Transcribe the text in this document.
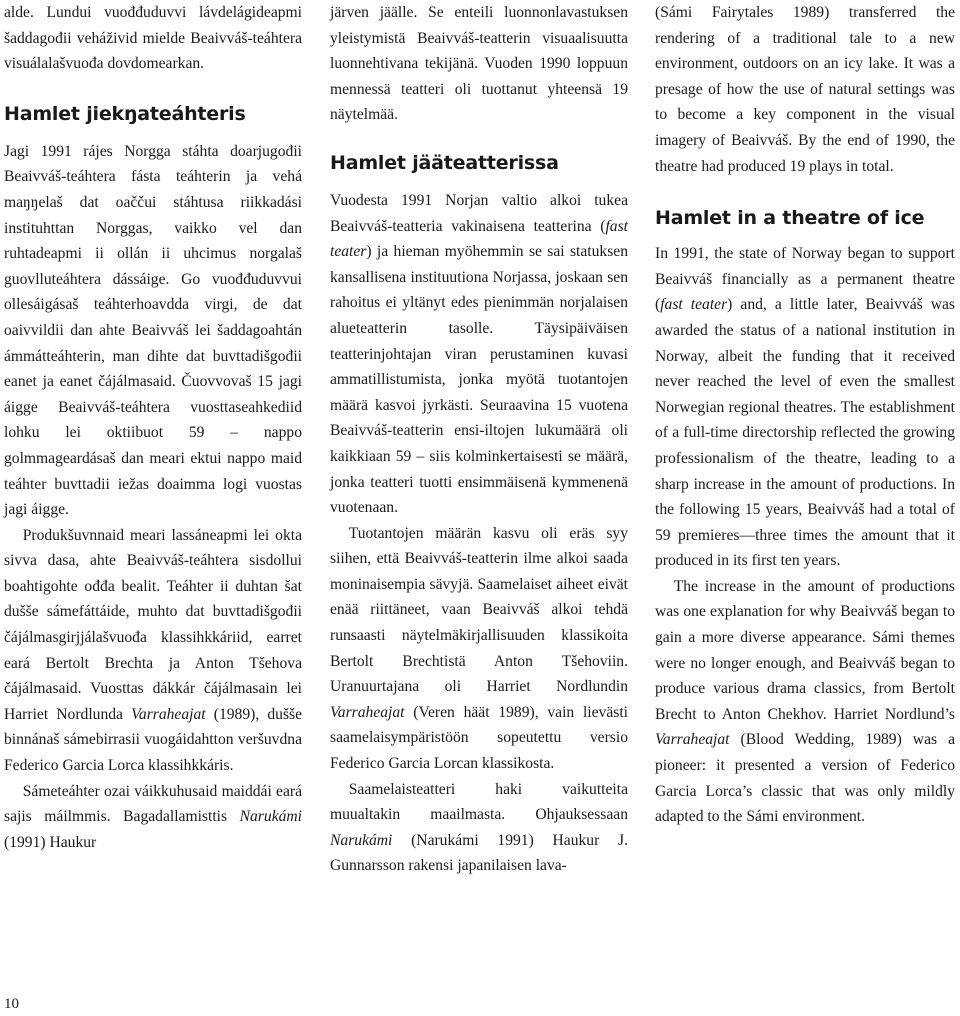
alde. Lundui vuođđuduvvi lávdelágideapmi šaddagođii veháživid mielde Beaivváš-teáhtera visuálalašvuođa dovdomearkan.

Hamlet jiekŋateáhteris

Jagi 1991 rájes Norgga stáhta doarjugođii Beaivváš-teáhtera fásta teáhterin ja vehá maŋŋelaš dat oaččui stáhtusa riikkadási instituhttan Norggas, vaikko vel dan ruhtadeapmi ii ollán ii uhcimus norgalaš guovlluteáhtera dássáige. Go vuođđuduvvui ollesáigásaš teáhterhoavdda virgi, de dat oaivvildii dan ahte Beaivváš lei šaddagoahtán ámmátteáhterin, man dihte dat buvttadišgođii eanet ja eanet čájálmasaid. Čuovvovaš 15 jagi áigge Beaivváš-teáhtera vuosttaseahkediid lohku lei oktiibuot 59 – nappo golmmageardásaš dan meari ektui nappo maid teáhter buvttadii iežas doaimma logi vuostas jagi áigge.

Produkšuvnnaid meari lassáneapmi lei okta sivva dasa, ahte Beaivváš-teáhtera sisdollui boahtigohte ođđa bealit. Teáhter ii duhtan šat dušše sámefáttáide, muhto dat buvttadišgođii čájálmasgirjjálašvuođa klassihkkáriid, earret eará Bertolt Brechta ja Anton Tšehova čájálmasaid. Vuosttas dákkár čájálmasain lei Harriet Nordlunda Varraheajat (1989), dušše binnánaš sámebirrasii vuogáidahtton veršuvdna Federico Garcia Lorca klassihkkáris.

Sámeteáhter ozai váikkuhusaid maiddái eará sajis máilmmis. Bagadallamisttis Narukámi (1991) Haukur

järven jäälle. Se enteili luonnonlavastuksen yleistymistä Beaivváš-teatterin visuaalisuutta luonnehtivana tekijänä. Vuoden 1990 loppuun mennessä teatteri oli tuottanut yhteensä 19 näytelmää.

Hamlet jääteatterissa

Vuodesta 1991 Norjan valtio alkoi tukea Beaivváš-teatteria vakinaisena teatterina (fast teater) ja hieman myöhemmin se sai statuksen kansallisena instituutiona Norjassa, joskaan sen rahoitus ei yltänyt edes pienimmän norjalaisen alueteatterin tasolle. Täysipäiväisen teatterinjohtajan viran perustaminen kuvasi ammatillistumista, jonka myötä tuotantojen määrä kasvoi jyrkästi. Seuraavina 15 vuotena Beaivváš-teatterin ensi-iltojen lukumäärä oli kaikkiaan 59 – siis kolminkertaisesti se määrä, jonka teatteri tuotti ensimmäisenä kymmenenä vuotenaan.

Tuotantojen määrän kasvu oli eräs syy siihen, että Beaivváš-teatterin ilme alkoi saada moninaisempia sävyjä. Saamelaiset aiheet eivät enää riittäneet, vaan Beaivváš alkoi tehdä runsaasti näytelmäkirjallisuuden klassikoita Bertolt Brechtistä Anton Tšehoviin. Uranuurtajana oli Harriet Nordlundin Varraheajat (Veren häät 1989), vain lievästi saamelaisympäristöön sopeutettu versio Federico Garcia Lorcan klassikosta.

Saamelaisteatteri haki vaikutteita muualtakin maailmasta. Ohjauksessaan Narukámi (Narukámi 1991) Haukur J. Gunnarsson rakensi japanilaisen lava-

(Sámi Fairytales 1989) transferred the rendering of a traditional tale to a new environment, outdoors on an icy lake. It was a presage of how the use of natural settings was to become a key component in the visual imagery of Beaivváš. By the end of 1990, the theatre had produced 19 plays in total.

Hamlet in a theatre of ice

In 1991, the state of Norway began to support Beaivváš financially as a permanent theatre (fast teater) and, a little later, Beaivváš was awarded the status of a national institution in Norway, albeit the funding that it received never reached the level of even the smallest Norwegian regional theatres. The establishment of a full-time directorship reflected the growing professionalism of the theatre, leading to a sharp increase in the amount of productions. In the following 15 years, Beaivváš had a total of 59 premieres—three times the amount that it produced in its first ten years.

The increase in the amount of productions was one explanation for why Beaivváš began to gain a more diverse appearance. Sámi themes were no longer enough, and Beaivváš began to produce various drama classics, from Bertolt Brecht to Anton Chekhov. Harriet Nordlund’s Varraheajat (Blood Wedding, 1989) was a pioneer: it presented a version of Federico Garcia Lorca’s classic that was only mildly adapted to the Sámi environment.

10
